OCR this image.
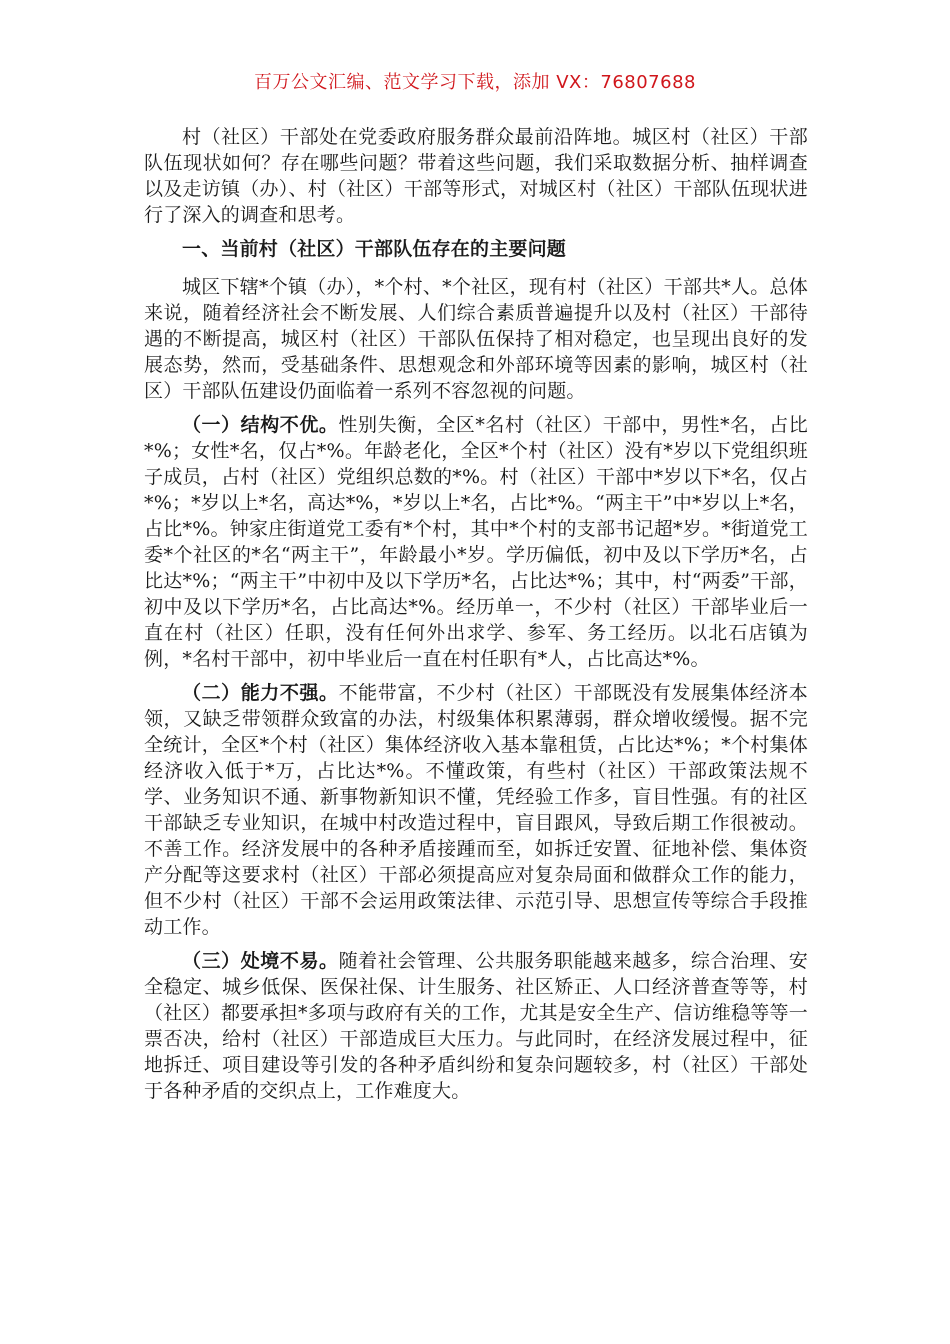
百万公文汇编、范文学习下载，添加 VX：76807688

村（社区）干部处在党委政府服务群众最前沿阵地。城区村（社区）干部队伍现状如何？存在哪些问题？带着这些问题，我们采取数据分析、抽样调查以及走访镇（办）、村（社区）干部等形式，对城区村（社区）干部队伍现状进行了深入的调查和思考。

一、当前村（社区）干部队伍存在的主要问题

城区下辖*个镇（办），*个村、*个社区，现有村（社区）干部共*人。总体来说，随着经济社会不断发展、人们综合素质普遍提升以及村（社区）干部待遇的不断提高，城区村（社区）干部队伍保持了相对稳定，也呈现出良好的发展态势，然而，受基础条件、思想观念和外部环境等因素的影响，城区村（社区）干部队伍建设仍面临着一系列不容忽视的问题。

（一）结构不优。性别失衡，全区*名村（社区）干部中，男性*名，占比*%；女性*名，仅占*%。年龄老化，全区*个村（社区）没有*岁以下党组织班子成员，占村（社区）党组织总数的*%。村（社区）干部中*岁以下*名，仅占*%；*岁以上*名，高达*%，*岁以上*名，占比*%。“两主干”中*岁以上*名，占比*%。钟家庄街道党工委有*个村，其中*个村的支部书记超*岁。*街道党工委*个社区的*名“两主干”，年龄最小*岁。学历偏低，初中及以下学历*名，占比达*%；“两主干”中初中及以下学历*名，占比达*%；其中，村“两委”干部，初中及以下学历*名，占比高达*%。经历单一，不少村（社区）干部毕业后一直在村（社区）任职，没有任何外出求学、参军、务工经历。以北石店镇为例，*名村干部中，初中毕业后一直在村任职有*人，占比高达*%。

（二）能力不强。不能带富，不少村（社区）干部既没有发展集体经济本领，又缺乏带领群众致富的办法，村级集体积累薄弱，群众增收缓慢。据不完全统计，全区*个村（社区）集体经济收入基本靠租赁，占比达*%；*个村集体经济收入低于*万，占比达*%。不懂政策，有些村（社区）干部政策法规不学、业务知识不通、新事物新知识不懂，凭经验工作多，盲目性强。有的社区干部缺乏专业知识，在城中村改造过程中，盲目跟风，导致后期工作很被动。不善工作。经济发展中的各种矛盾接踵而至，如拆迁安置、征地补偿、集体资产分配等这要求村（社区）干部必须提高应对复杂局面和做群众工作的能力，但不少村（社区）干部不会运用政策法律、示范引导、思想宣传等综合手段推动工作。

（三）处境不易。随着社会管理、公共服务职能越来越多，综合治理、安全稳定、城乡低保、医保社保、计生服务、社区矫正、人口经济普查等等，村（社区）都要承担*多项与政府有关的工作，尤其是安全生产、信访维稳等等一票否决，给村（社区）干部造成巨大压力。与此同时，在经济发展过程中，征地拆迁、项目建设等引发的各种矛盾纠纷和复杂问题较多，村（社区）干部处于各种矛盾的交织点上，工作难度大。
